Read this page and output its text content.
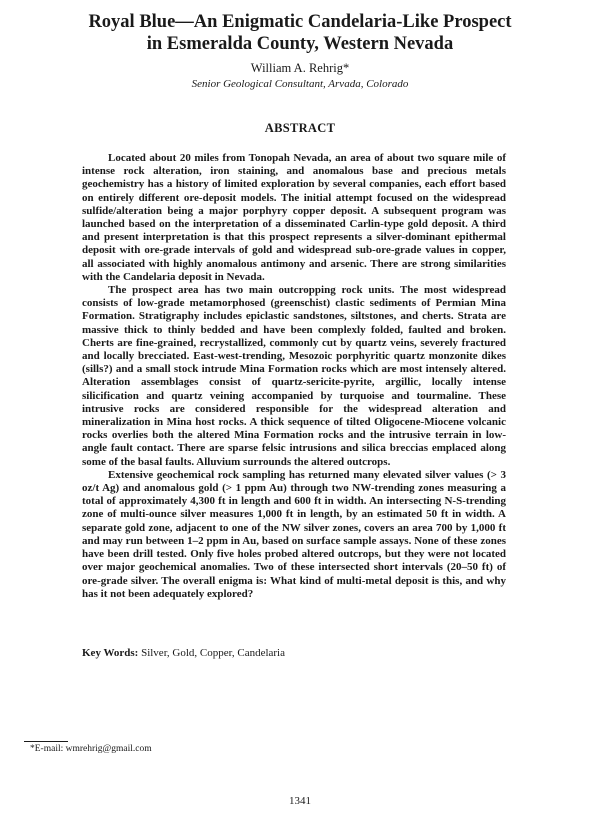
Royal Blue—An Enigmatic Candelaria-Like Prospect
in Esmeralda County, Western Nevada
William A. Rehrig*
Senior Geological Consultant, Arvada, Colorado
ABSTRACT

Located about 20 miles from Tonopah Nevada, an area of about two square mile of intense rock alteration, iron staining, and anomalous base and precious metals geochemistry has a history of limited exploration by several companies, each effort based on entirely different ore-deposit models. The initial attempt focused on the widespread sulfide/alteration being a major porphyry copper deposit. A subsequent program was launched based on the interpretation of a disseminated Carlin-type gold deposit. A third and present interpretation is that this prospect represents a silver-dominant epithermal deposit with ore-grade intervals of gold and widespread sub-ore-grade values in copper, all associated with highly anomalous antimony and arsenic. There are strong similarities with the Candelaria deposit in Nevada.

The prospect area has two main outcropping rock units. The most widespread consists of low-grade metamorphosed (greenschist) clastic sediments of Permian Mina Formation. Stratigraphy includes epiclastic sandstones, siltstones, and cherts. Strata are massive thick to thinly bedded and have been complexly folded, faulted and broken. Cherts are fine-grained, recrystallized, commonly cut by quartz veins, severely fractured and locally brecciated. East-west-trending, Mesozoic porphyritic quartz monzonite dikes (sills?) and a small stock intrude Mina Formation rocks which are most intensely altered. Alteration assemblages consist of quartz-sericite-pyrite, argillic, locally intense silicification and quartz veining accompanied by turquoise and tourmaline. These intrusive rocks are considered responsible for the widespread alteration and mineralization in Mina host rocks. A thick sequence of tilted Oligocene-Miocene volcanic rocks overlies both the altered Mina Formation rocks and the intrusive terrain in low-angle fault contact. There are sparse felsic intrusions and silica breccias emplaced along some of the basal faults. Alluvium surrounds the altered outcrops.

Extensive geochemical rock sampling has returned many elevated silver values (> 3 oz/t Ag) and anomalous gold (> 1 ppm Au) through two NW-trending zones measuring a total of approximately 4,300 ft in length and 600 ft in width. An intersecting N-S-trending zone of multi-ounce silver measures 1,000 ft in length, by an estimated 50 ft in width. A separate gold zone, adjacent to one of the NW silver zones, covers an area 700 by 1,000 ft and may run between 1–2 ppm in Au, based on surface sample assays. None of these zones have been drill tested. Only five holes probed altered outcrops, but they were not located over major geochemical anomalies. Two of these intersected short intervals (20–50 ft) of ore-grade silver. The overall enigma is: What kind of multi-metal deposit is this, and why has it not been adequately explored?

Key Words: Silver, Gold, Copper, Candelaria
*E-mail: wmrehrig@gmail.com
1341
